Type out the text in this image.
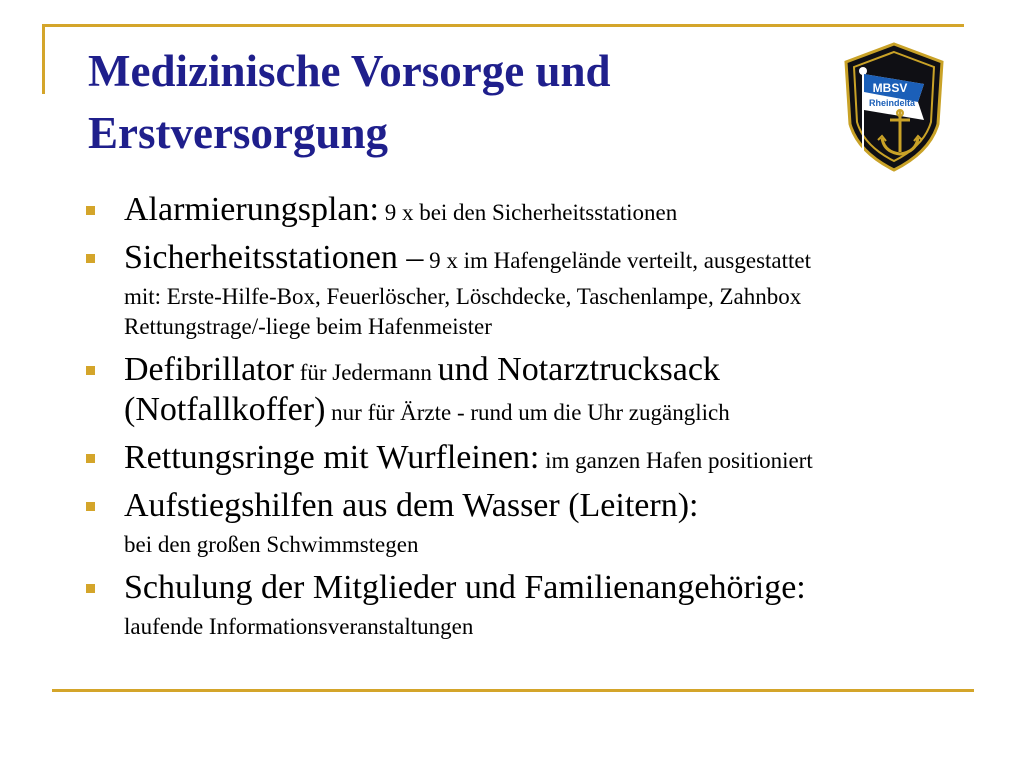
Medizinische Vorsorge und
Erstversorgung
MBSV
Rheindelta
Alarmierungsplan: 9 x bei den Sicherheitsstationen
Sicherheitsstationen – 9 x im Hafengelände verteilt, ausgestattet
mit: Erste-Hilfe-Box, Feuerlöscher, Löschdecke, Taschenlampe, Zahnbox
Rettungstrage/-liege beim Hafenmeister
Defibrillator für Jedermann und Notarztrucksack
(Notfallkoffer) nur für Ärzte - rund um die Uhr zugänglich
Rettungsringe mit Wurfleinen: im ganzen Hafen positioniert
Aufstiegshilfen aus dem Wasser (Leitern):
bei den großen Schwimmstegen
Schulung der Mitglieder und Familienangehörige:
laufende Informationsveranstaltungen
